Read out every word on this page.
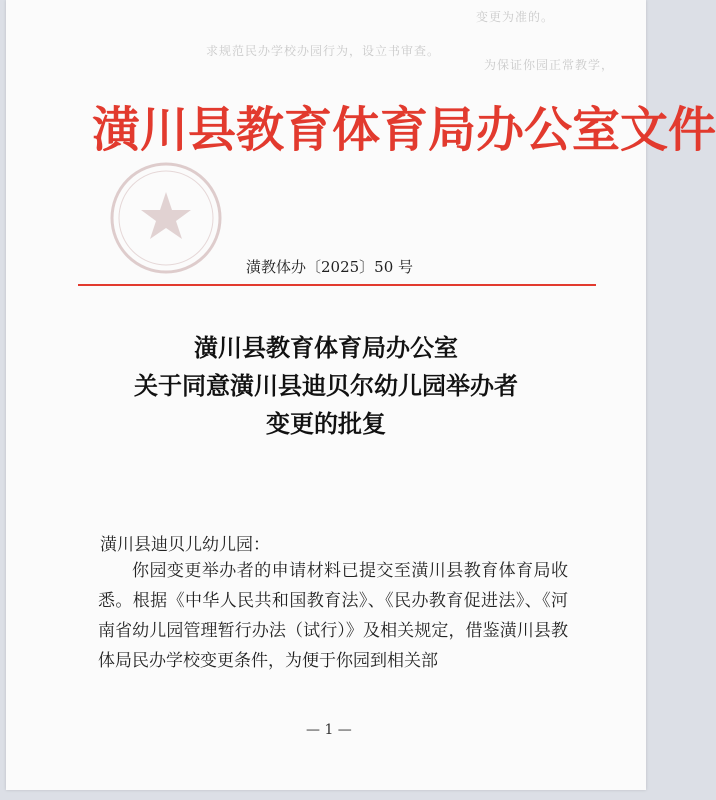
变更为准的。
求规范民办学校办园行为，设立书审查。
为保证你园正常教学，
潢川县教育体育局办公室文件
潢教体办〔2025〕50 号
潢川县教育体育局办公室
关于同意潢川县迪贝尔幼儿园举办者
变更的批复
潢川县迪贝儿幼儿园：
你园变更举办者的申请材料已提交至潢川县教育体育局收悉。根据《中华人民共和国教育法》、《民办教育促进法》、《河南省幼儿园管理暂行办法（试行）》及相关规定，借鉴潢川县教体局民办学校变更条件，为便于你园到相关部
— 1 —
